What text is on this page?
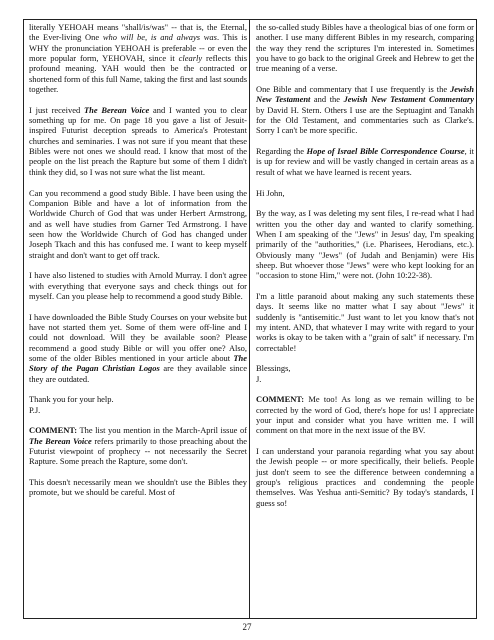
literally YEHOAH means "shall/is/was" -- that is, the Eternal, the Ever-living One who will be, is and always was. This is WHY the pronunciation YEHOAH is preferable -- or even the more popular form, YEHOVAH, since it clearly reflects this profound meaning. YAH would then be the contracted or shortened form of this full Name, taking the first and last sounds together.

I just received The Berean Voice and I wanted you to clear something up for me. On page 18 you gave a list of Jesuit-inspired Futurist deception spreads to America's Protestant churches and seminaries. I was not sure if you meant that these Bibles were not ones we should read. I know that most of the people on the list preach the Rapture but some of them I didn't think they did, so I was not sure what the list meant.

Can you recommend a good study Bible. I have been using the Companion Bible and have a lot of information from the Worldwide Church of God that was under Herbert Armstrong, and as well have studies from Garner Ted Armstrong. I have seen how the Worldwide Church of God has changed under Joseph Tkach and this has confused me. I want to keep myself straight and don't want to get off track.

I have also listened to studies with Arnold Murray. I don't agree with everything that everyone says and check things out for myself. Can you please help to recommend a good study Bible.

I have downloaded the Bible Study Courses on your website but have not started them yet. Some of them were off-line and I could not download. Will they be available soon? Please recommend a good study Bible or will you offer one? Also, some of the older Bibles mentioned in your article about The Story of the Pagan Christian Logos are they available since they are outdated.

Thank you for your help.

P.J.

COMMENT: The list you mention in the March-April issue of The Berean Voice refers primarily to those preaching about the Futurist viewpoint of prophecy -- not necessarily the Secret Rapture. Some preach the Rapture, some don't.

This doesn't necessarily mean we shouldn't use the Bibles they promote, but we should be careful. Most of

the so-called study Bibles have a theological bias of one form or another. I use many different Bibles in my research, comparing the way they rend the scriptures I'm interested in. Sometimes you have to go back to the original Greek and Hebrew to get the true meaning of a verse.

One Bible and commentary that I use frequently is the Jewish New Testament and the Jewish New Testament Commentary by David H. Stern. Others I use are the Septuagint and Tanakh for the Old Testament, and commentaries such as Clarke's. Sorry I can't be more specific.

Regarding the Hope of Israel Bible Correspondence Course, it is up for review and will be vastly changed in certain areas as a result of what we have learned is recent years.

Hi John,

By the way, as I was deleting my sent files, I re-read what I had written you the other day and wanted to clarify something. When I am speaking of the "Jews" in Jesus' day, I'm speaking primarily of the "authorities," (i.e. Pharisees, Herodians, etc.). Obviously many "Jews" (of Judah and Benjamin) were His sheep. But whoever those "Jews" were who kept looking for an "occasion to stone Him," were not. (John 10:22-38).

I'm a little paranoid about making any such statements these days. It seems like no matter what I say about "Jews" it suddenly is "antisemitic." Just want to let you know that's not my intent. AND, that whatever I may write with regard to your works is okay to be taken with a "grain of salt" if necessary. I'm correctable!

Blessings,

J.

COMMENT: Me too! As long as we remain willing to be corrected by the word of God, there's hope for us! I appreciate your input and consider what you have written me. I will comment on that more in the next issue of the BV.

I can understand your paranoia regarding what you say about the Jewish people -- or more specifically, their beliefs. People just don't seem to see the difference between condemning a group's religious practices and condemning the people themselves. Was Yeshua anti-Semitic? By today's standards, I guess so!

27
